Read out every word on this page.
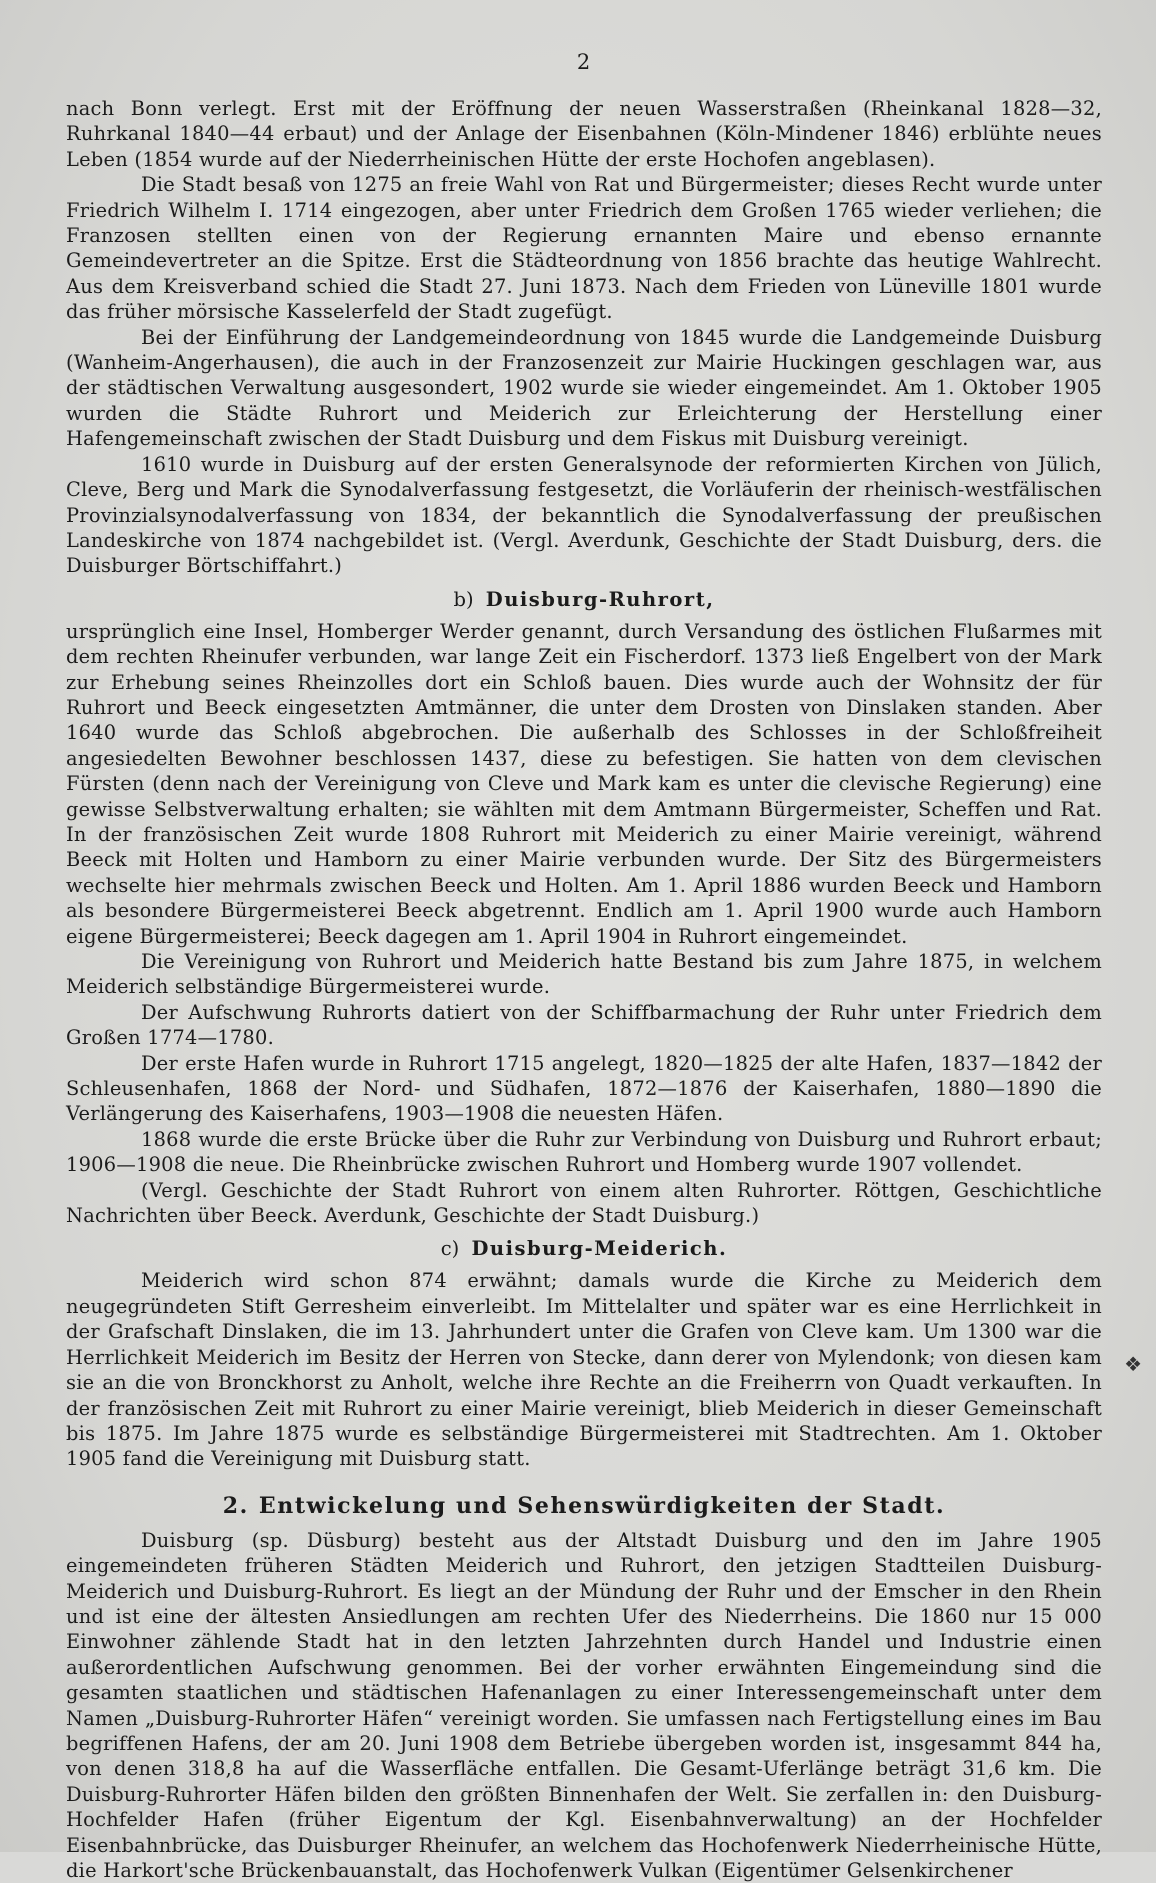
2

nach Bonn verlegt. Erst mit der Eröffnung der neuen Wasserstraßen (Rheinkanal 1828—32, Ruhrkanal 1840—44 erbaut) und der Anlage der Eisenbahnen (Köln-Mindener 1846) erblühte neues Leben (1854 wurde auf der Niederrheinischen Hütte der erste Hochofen angeblasen).

Die Stadt besaß von 1275 an freie Wahl von Rat und Bürgermeister; dieses Recht wurde unter Friedrich Wilhelm I. 1714 eingezogen, aber unter Friedrich dem Großen 1765 wieder verliehen; die Franzosen stellten einen von der Regierung ernannten Maire und ebenso ernannte Gemeindevertreter an die Spitze. Erst die Städteordnung von 1856 brachte das heutige Wahlrecht. Aus dem Kreisverband schied die Stadt 27. Juni 1873. Nach dem Frieden von Lüneville 1801 wurde das früher mörsische Kasselerfeld der Stadt zugefügt.

Bei der Einführung der Landgemeindeordnung von 1845 wurde die Landgemeinde Duisburg (Wanheim-Angerhausen), die auch in der Franzosenzeit zur Mairie Huckingen geschlagen war, aus der städtischen Verwaltung ausgesondert, 1902 wurde sie wieder eingemeindet. Am 1. Oktober 1905 wurden die Städte Ruhrort und Meiderich zur Erleichterung der Herstellung einer Hafengemeinschaft zwischen der Stadt Duisburg und dem Fiskus mit Duisburg vereinigt.

1610 wurde in Duisburg auf der ersten Generalsynode der reformierten Kirchen von Jülich, Cleve, Berg und Mark die Synodalverfassung festgesetzt, die Vorläuferin der rheinisch-westfälischen Provinzialsynodalverfassung von 1834, der bekanntlich die Synodalverfassung der preußischen Landeskirche von 1874 nachgebildet ist. (Vergl. Averdunk, Geschichte der Stadt Duisburg, ders. die Duisburger Börtschiffahrt.)

b) Duisburg-Ruhrort,

ursprünglich eine Insel, Homberger Werder genannt, durch Versandung des östlichen Flußarmes mit dem rechten Rheinufer verbunden, war lange Zeit ein Fischerdorf. 1373 ließ Engelbert von der Mark zur Erhebung seines Rheinzolles dort ein Schloß bauen. Dies wurde auch der Wohnsitz der für Ruhrort und Beeck eingesetzten Amtmänner, die unter dem Drosten von Dinslaken standen. Aber 1640 wurde das Schloß abgebrochen. Die außerhalb des Schlosses in der Schloßfreiheit angesiedelten Bewohner beschlossen 1437, diese zu befestigen. Sie hatten von dem clevischen Fürsten (denn nach der Vereinigung von Cleve und Mark kam es unter die clevische Regierung) eine gewisse Selbstverwaltung erhalten; sie wählten mit dem Amtmann Bürgermeister, Scheffen und Rat. In der französischen Zeit wurde 1808 Ruhrort mit Meiderich zu einer Mairie vereinigt, während Beeck mit Holten und Hamborn zu einer Mairie verbunden wurde. Der Sitz des Bürgermeisters wechselte hier mehrmals zwischen Beeck und Holten. Am 1. April 1886 wurden Beeck und Hamborn als besondere Bürgermeisterei Beeck abgetrennt. Endlich am 1. April 1900 wurde auch Hamborn eigene Bürgermeisterei; Beeck dagegen am 1. April 1904 in Ruhrort eingemeindet.

Die Vereinigung von Ruhrort und Meiderich hatte Bestand bis zum Jahre 1875, in welchem Meiderich selbständige Bürgermeisterei wurde.

Der Aufschwung Ruhrorts datiert von der Schiffbarmachung der Ruhr unter Friedrich dem Großen 1774—1780.

Der erste Hafen wurde in Ruhrort 1715 angelegt, 1820—1825 der alte Hafen, 1837—1842 der Schleusenhafen, 1868 der Nord- und Südhafen, 1872—1876 der Kaiserhafen, 1880—1890 die Verlängerung des Kaiserhafens, 1903—1908 die neuesten Häfen.

1868 wurde die erste Brücke über die Ruhr zur Verbindung von Duisburg und Ruhrort erbaut; 1906—1908 die neue. Die Rheinbrücke zwischen Ruhrort und Homberg wurde 1907 vollendet.

(Vergl. Geschichte der Stadt Ruhrort von einem alten Ruhrorter. Röttgen, Geschichtliche Nachrichten über Beeck. Averdunk, Geschichte der Stadt Duisburg.)

c) Duisburg-Meiderich.

Meiderich wird schon 874 erwähnt; damals wurde die Kirche zu Meiderich dem neugegründeten Stift Gerresheim einverleibt. Im Mittelalter und später war es eine Herrlichkeit in der Grafschaft Dinslaken, die im 13. Jahrhundert unter die Grafen von Cleve kam. Um 1300 war die Herrlichkeit Meiderich im Besitz der Herren von Stecke, dann derer von Mylendonk; von diesen kam sie an die von Bronckhorst zu Anholt, welche ihre Rechte an die Freiherrn von Quadt verkauften. In der französischen Zeit mit Ruhrort zu einer Mairie vereinigt, blieb Meiderich in dieser Gemeinschaft bis 1875. Im Jahre 1875 wurde es selbständige Bürgermeisterei mit Stadtrechten. Am 1. Oktober 1905 fand die Vereinigung mit Duisburg statt.

2. Entwickelung und Sehenswürdigkeiten der Stadt.

Duisburg (sp. Düsburg) besteht aus der Altstadt Duisburg und den im Jahre 1905 eingemeindeten früheren Städten Meiderich und Ruhrort, den jetzigen Stadtteilen Duisburg-Meiderich und Duisburg-Ruhrort. Es liegt an der Mündung der Ruhr und der Emscher in den Rhein und ist eine der ältesten Ansiedlungen am rechten Ufer des Niederrheins. Die 1860 nur 15 000 Einwohner zählende Stadt hat in den letzten Jahrzehnten durch Handel und Industrie einen außerordentlichen Aufschwung genommen. Bei der vorher erwähnten Eingemeindung sind die gesamten staatlichen und städtischen Hafenanlagen zu einer Interessengemeinschaft unter dem Namen „Duisburg-Ruhrorter Häfen“ vereinigt worden. Sie umfassen nach Fertigstellung eines im Bau begriffenen Hafens, der am 20. Juni 1908 dem Betriebe übergeben worden ist, insgesammt 844 ha, von denen 318,8 ha auf die Wasserfläche entfallen. Die Gesamt-Uferlänge beträgt 31,6 km. Die Duisburg-Ruhrorter Häfen bilden den größten Binnenhafen der Welt. Sie zerfallen in: den Duisburg-Hochfelder Hafen (früher Eigentum der Kgl. Eisenbahnverwaltung) an der Hochfelder Eisenbahnbrücke, das Duisburger Rheinufer, an welchem das Hochofenwerk Niederrheinische Hütte, die Harkort'sche Brückenbauanstalt, das Hochofenwerk Vulkan (Eigentümer Gelsenkirchener

❖
